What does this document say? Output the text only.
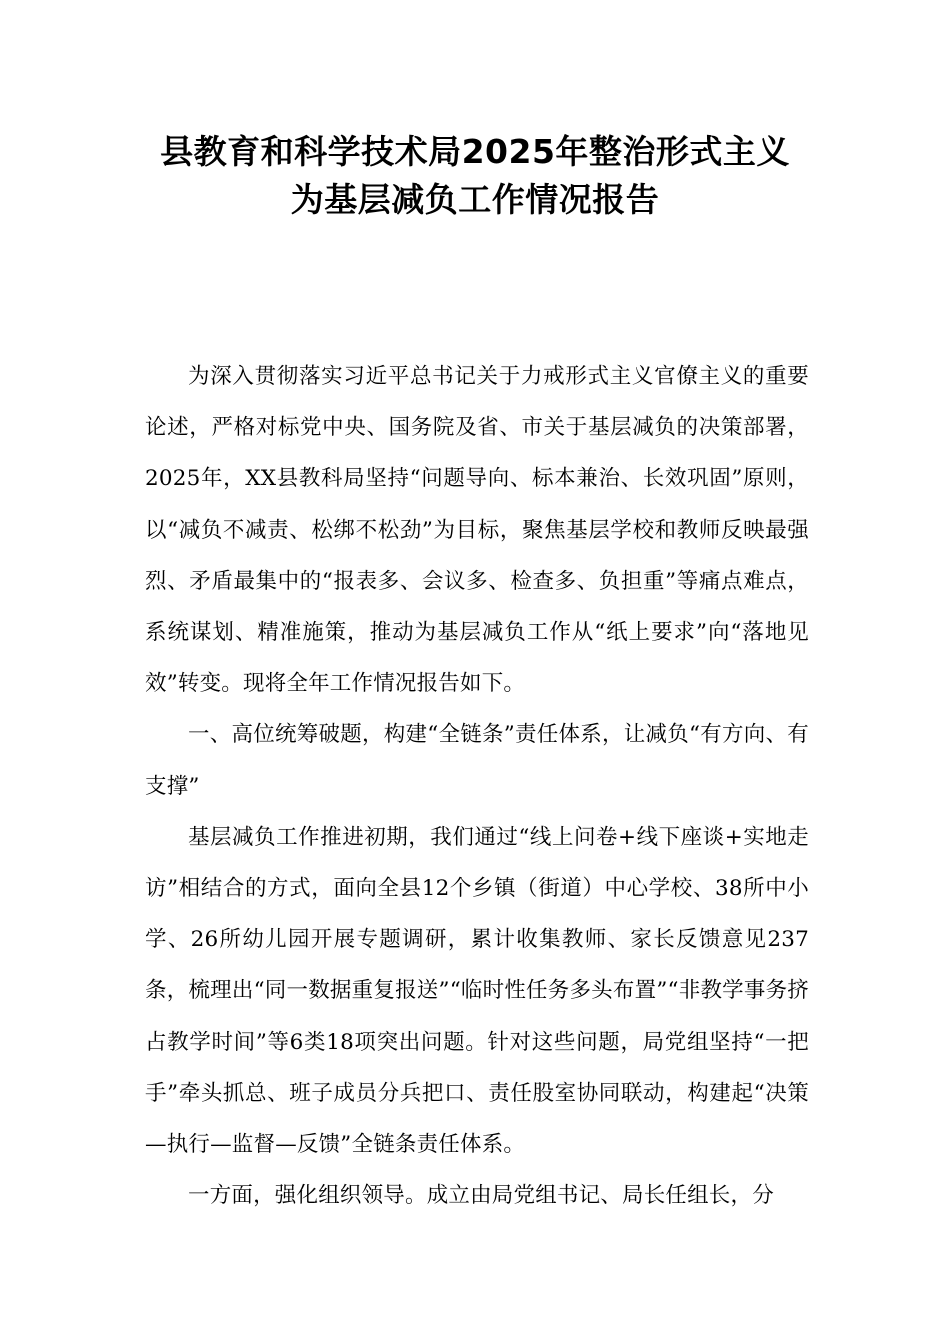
县教育和科学技术局2025年整治形式主义
为基层减负工作情况报告

为深入贯彻落实习近平总书记关于力戒形式主义官僚主义的重要论述，严格对标党中央、国务院及省、市关于基层减负的决策部署，2025年，XX县教科局坚持“问题导向、标本兼治、长效巩固”原则，以“减负不减责、松绑不松劲”为目标，聚焦基层学校和教师反映最强烈、矛盾最集中的“报表多、会议多、检查多、负担重”等痛点难点，系统谋划、精准施策，推动为基层减负工作从“纸上要求”向“落地见效”转变。现将全年工作情况报告如下。

一、高位统筹破题，构建“全链条”责任体系，让减负“有方向、有支撑”

基层减负工作推进初期，我们通过“线上问卷+线下座谈+实地走访”相结合的方式，面向全县12个乡镇（街道）中心学校、38所中小学、26所幼儿园开展专题调研，累计收集教师、家长反馈意见237条，梳理出“同一数据重复报送”“临时性任务多头布置”“非教学事务挤占教学时间”等6类18项突出问题。针对这些问题，局党组坚持“一把手”牵头抓总、班子成员分兵把口、责任股室协同联动，构建起“决策—执行—监督—反馈”全链条责任体系。

一方面，强化组织领导。成立由局党组书记、局长任组长，分
